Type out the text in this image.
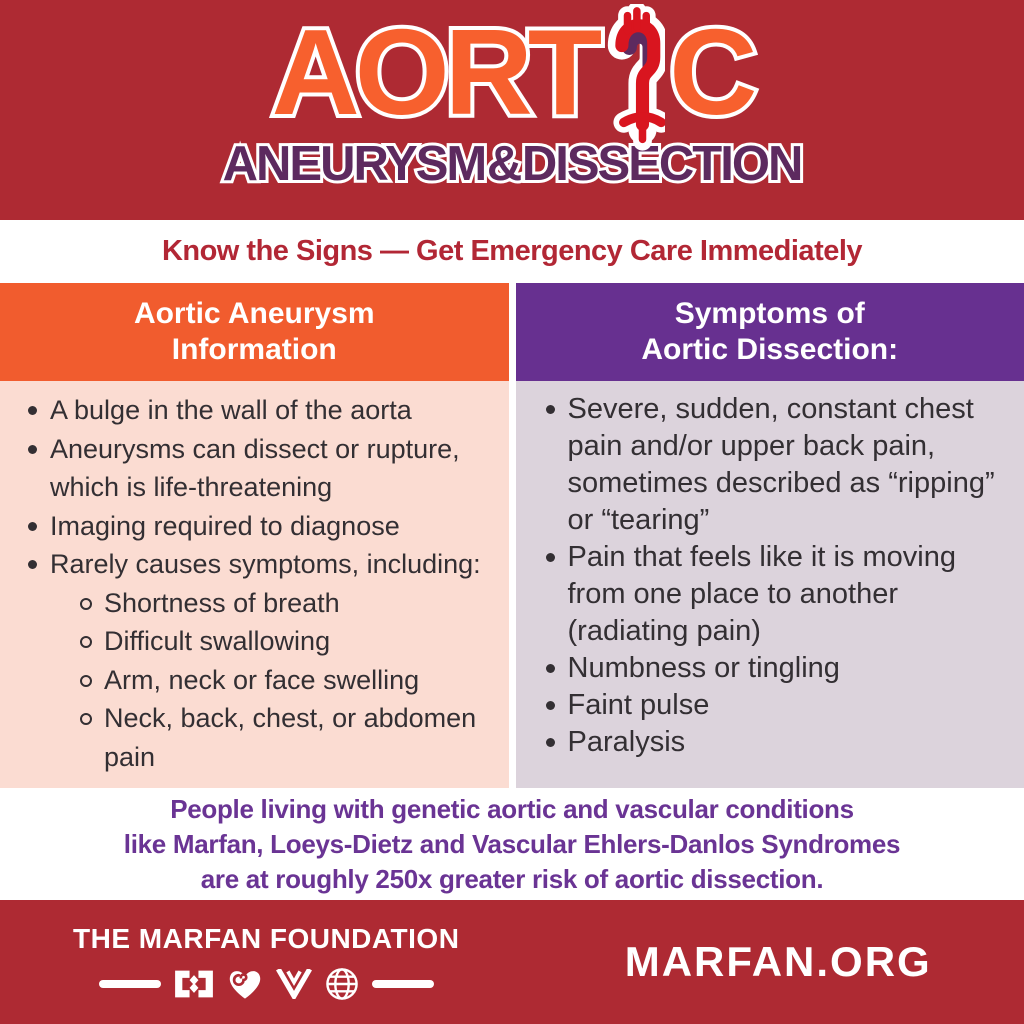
AORT C
ANEURYSM & DISSECTION
Know the Signs — Get Emergency Care Immediately
Aortic Aneurysm
Information
A bulge in the wall of the aorta
Aneurysms can dissect or rupture, which is life-threatening
Imaging required to diagnose
Rarely causes symptoms, including:
Shortness of breath
Difficult swallowing
Arm, neck or face swelling
Neck, back, chest, or abdomen pain
Symptoms of
Aortic Dissection:
Severe, sudden, constant chest pain and/or upper back pain, sometimes described as “ripping” or “tearing”
Pain that feels like it is moving from one place to another (radiating pain)
Numbness or tingling
Faint pulse
Paralysis
People living with genetic aortic and vascular conditions
like Marfan, Loeys-Dietz and Vascular Ehlers-Danlos Syndromes
are at roughly 250x greater risk of aortic dissection.
THE MARFAN FOUNDATION	MARFAN.ORG
